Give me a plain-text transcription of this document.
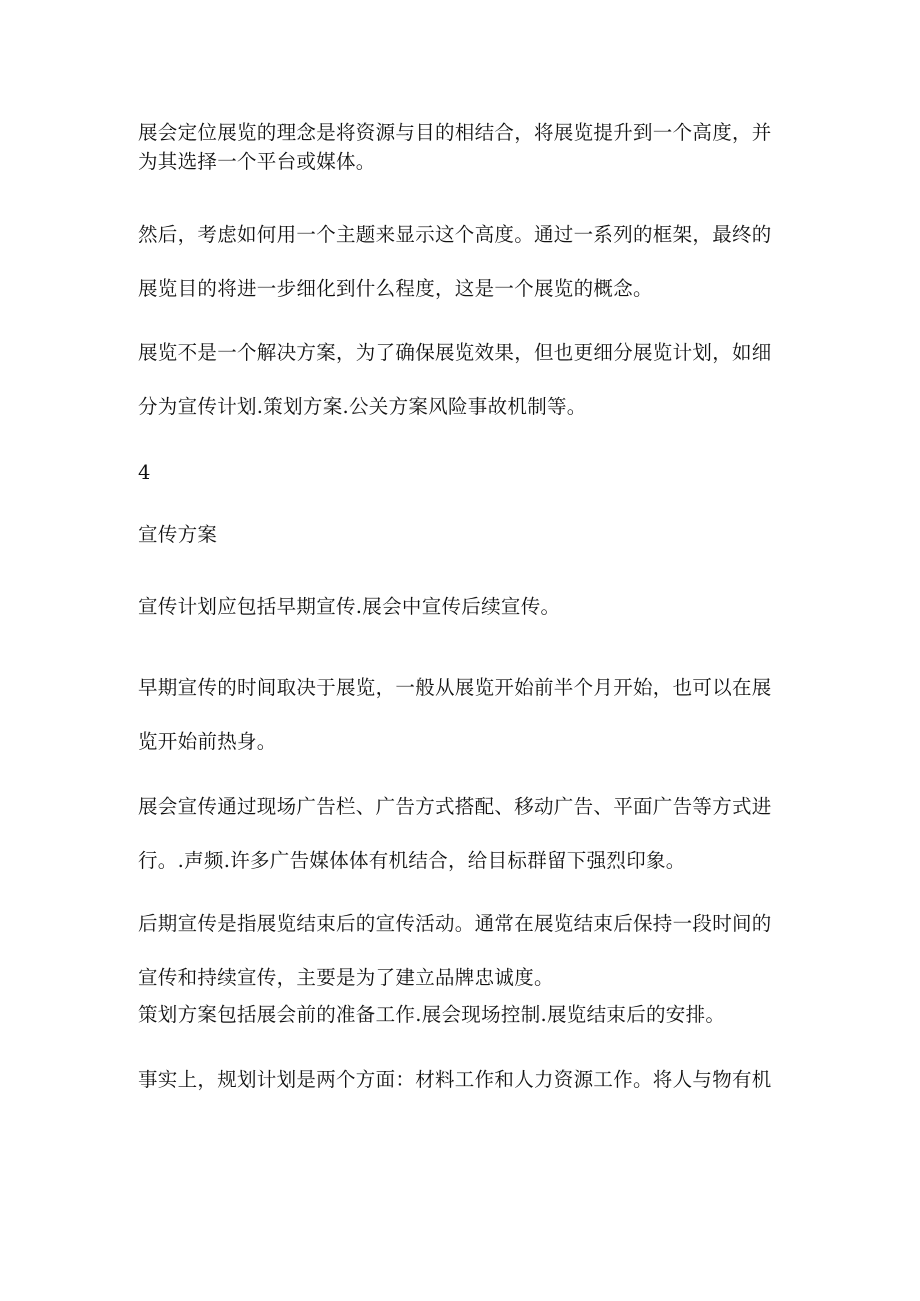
展会定位展览的理念是将资源与目的相结合，将展览提升到一个高度，并
为其选择一个平台或媒体。

然后，考虑如何用一个主题来显示这个高度。通过一系列的框架，最终的
展览目的将进一步细化到什么程度，这是一个展览的概念。

展览不是一个解决方案，为了确保展览效果，但也更细分展览计划，如细
分为宣传计划.策划方案.公关方案风险事故机制等。

4

宣传方案

宣传计划应包括早期宣传.展会中宣传后续宣传。

早期宣传的时间取决于展览，一般从展览开始前半个月开始，也可以在展
览开始前热身。

展会宣传通过现场广告栏、广告方式搭配、移动广告、平面广告等方式进
行。.声频.许多广告媒体体有机结合，给目标群留下强烈印象。

后期宣传是指展览结束后的宣传活动。通常在展览结束后保持一段时间的
宣传和持续宣传，主要是为了建立品牌忠诚度。

策划方案包括展会前的准备工作.展会现场控制.展览结束后的安排。

事实上，规划计划是两个方面：材料工作和人力资源工作。将人与物有机
